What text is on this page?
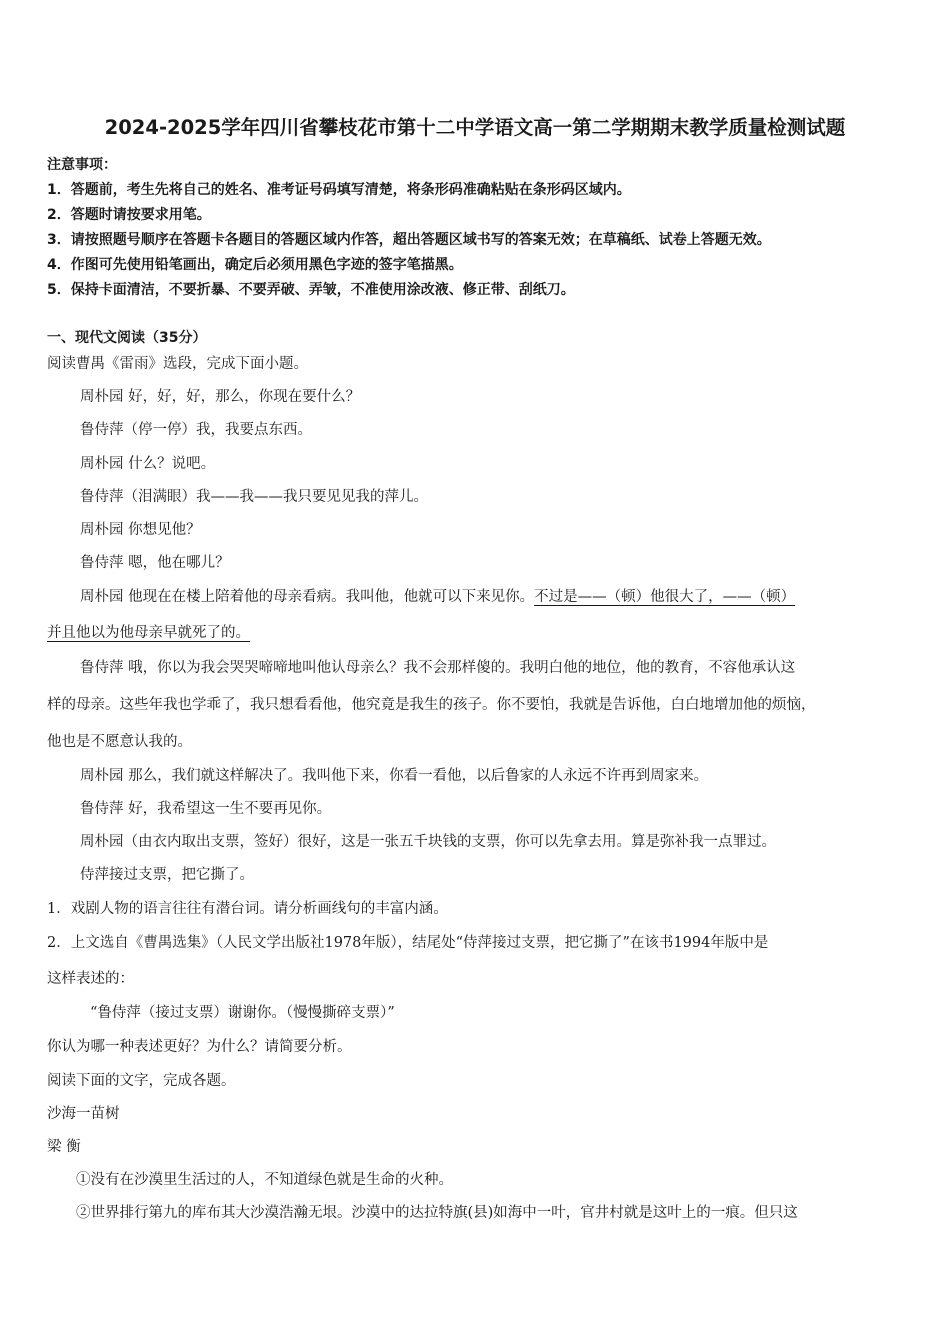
2024-2025学年四川省攀枝花市第十二中学语文高一第二学期期末教学质量检测试题
注意事项：
1．答题前，考生先将自己的姓名、准考证号码填写清楚，将条形码准确粘贴在条形码区域内。
2．答题时请按要求用笔。
3．请按照题号顺序在答题卡各题目的答题区域内作答，超出答题区域书写的答案无效；在草稿纸、试卷上答题无效。
4．作图可先使用铅笔画出，确定后必须用黑色字迹的签字笔描黑。
5．保持卡面清洁，不要折暴、不要弄破、弄皱，不准使用涂改液、修正带、刮纸刀。
一、现代文阅读（35分）
阅读曹禺《雷雨》选段，完成下面小题。
周朴园 好，好，好，那么，你现在要什么？
鲁侍萍（停一停）我，我要点东西。
周朴园 什么？说吧。
鲁侍萍（泪满眼）我——我——我只要见见我的萍儿。
周朴园 你想见他？
鲁侍萍 嗯，他在哪儿？
周朴园 他现在在楼上陪着他的母亲看病。我叫他，他就可以下来见你。不过是——（顿）他很大了，——（顿）
并且他以为他母亲早就死了的。
鲁侍萍 哦，你以为我会哭哭啼啼地叫他认母亲么？我不会那样傻的。我明白他的地位，他的教育，不容他承认这
样的母亲。这些年我也学乖了，我只想看看他，他究竟是我生的孩子。你不要怕，我就是告诉他，白白地增加他的烦恼，
他也是不愿意认我的。
周朴园 那么，我们就这样解决了。我叫他下来，你看一看他，以后鲁家的人永远不许再到周家来。
鲁侍萍 好，我希望这一生不要再见你。
周朴园（由衣内取出支票，签好）很好，这是一张五千块钱的支票，你可以先拿去用。算是弥补我一点罪过。
侍萍接过支票，把它撕了。
1．戏剧人物的语言往往有潜台词。请分析画线句的丰富内涵。
2．上文选自《曹禺选集》（人民文学出版社1978年版），结尾处“侍萍接过支票，把它撕了”在该书1994年版中是
这样表述的：
“鲁侍萍（接过支票）谢谢你。（慢慢撕碎支票）”
你认为哪一种表述更好？为什么？请简要分析。
阅读下面的文字，完成各题。
沙海一苗树
梁 衡
①没有在沙漠里生活过的人，不知道绿色就是生命的火种。
②世界排行第九的库布其大沙漠浩瀚无垠。沙漠中的达拉特旗(县)如海中一叶，官井村就是这叶上的一痕。但只这
